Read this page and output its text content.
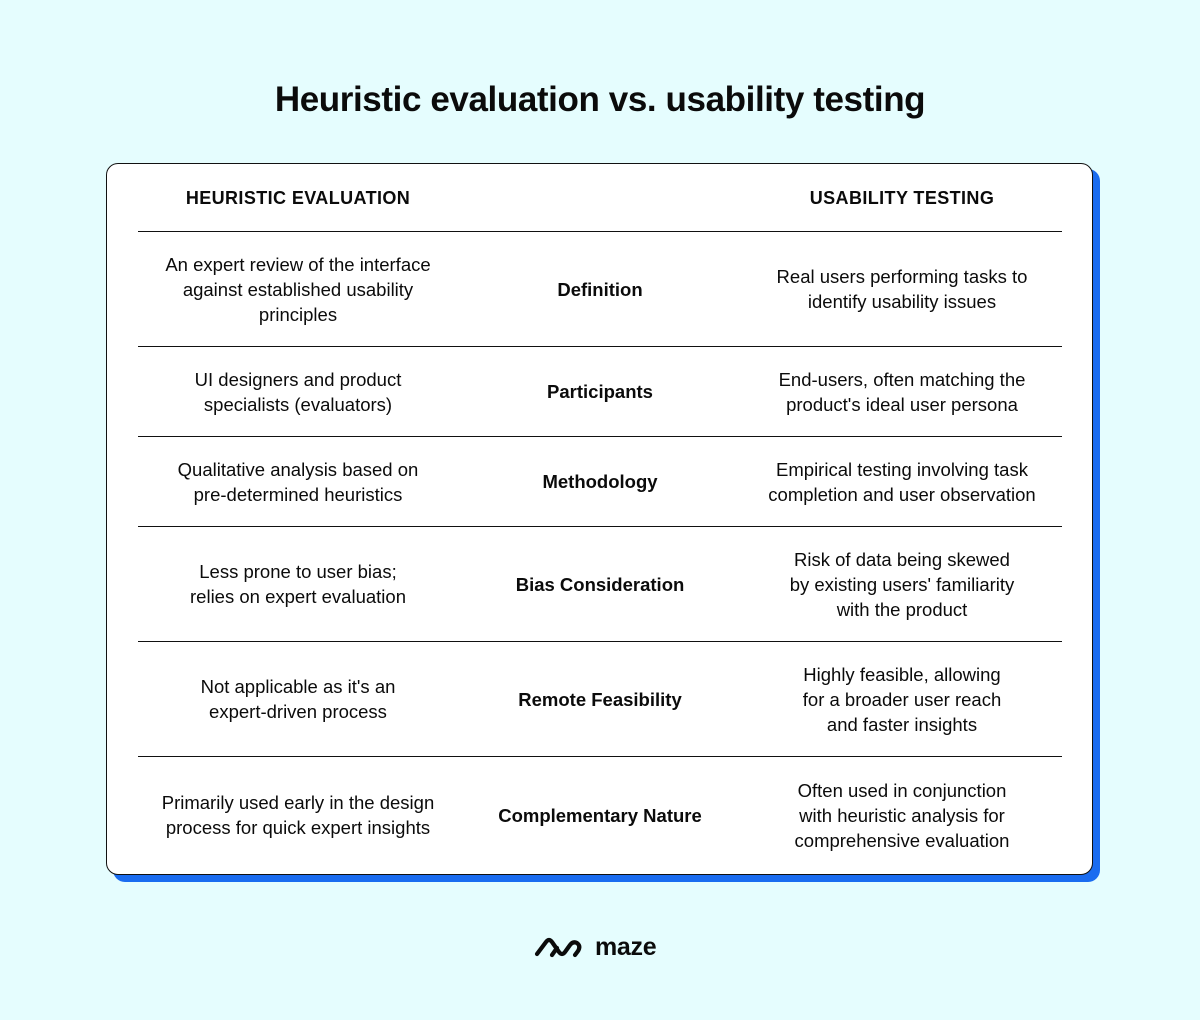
Heuristic evaluation vs. usability testing
HEURISTIC EVALUATION	USABILITY TESTING
An expert review of the interface
against established usability
principles
Definition
Real users performing tasks to
identify usability issues
UI designers and product
specialists (evaluators)
Participants
End-users, often matching the
product's ideal user persona
Qualitative analysis based on
pre-determined heuristics
Methodology
Empirical testing involving task
completion and user observation
Less prone to user bias;
relies on expert evaluation
Bias Consideration
Risk of data being skewed
by existing users' familiarity
with the product
Not applicable as it's an
expert-driven process
Remote Feasibility
Highly feasible, allowing
for a broader user reach
and faster insights
Primarily used early in the design
process for quick expert insights
Complementary Nature
Often used in conjunction
with heuristic analysis for
comprehensive evaluation
maze
